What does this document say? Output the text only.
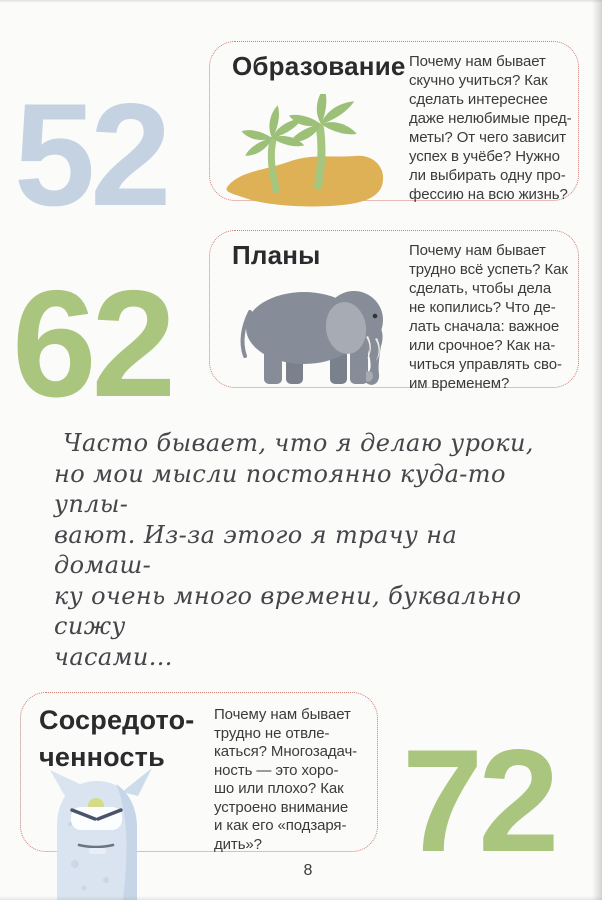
52
Образование Почему нам бывает
скучно учиться? Как
сделать интереснее
даже нелюбимые пред-
меты? От чего зависит
успех в учёбе? Нужно
ли выбирать одну про-
фессию на всю жизнь?
62
Планы	Почему нам бывает
трудно всё успеть? Как
сделать, чтобы дела
не копились? Что де-
лать сначала: важное
или срочное? Как на-
читься управлять сво-
им временем?
Часто бывает, что я делаю уроки,
но мои мысли постоянно куда-то уплы-
вают. Из-за этого я трачу на домаш-
ку очень много времени, буквально сижу
часами...
Сосредото-
ченность
Почему нам бывает
трудно не отвле-
каться? Многозадач-
ность — это хоро-
шо или плохо? Как
устроено внимание
и как его «подзаря-
дить»? 72
8
